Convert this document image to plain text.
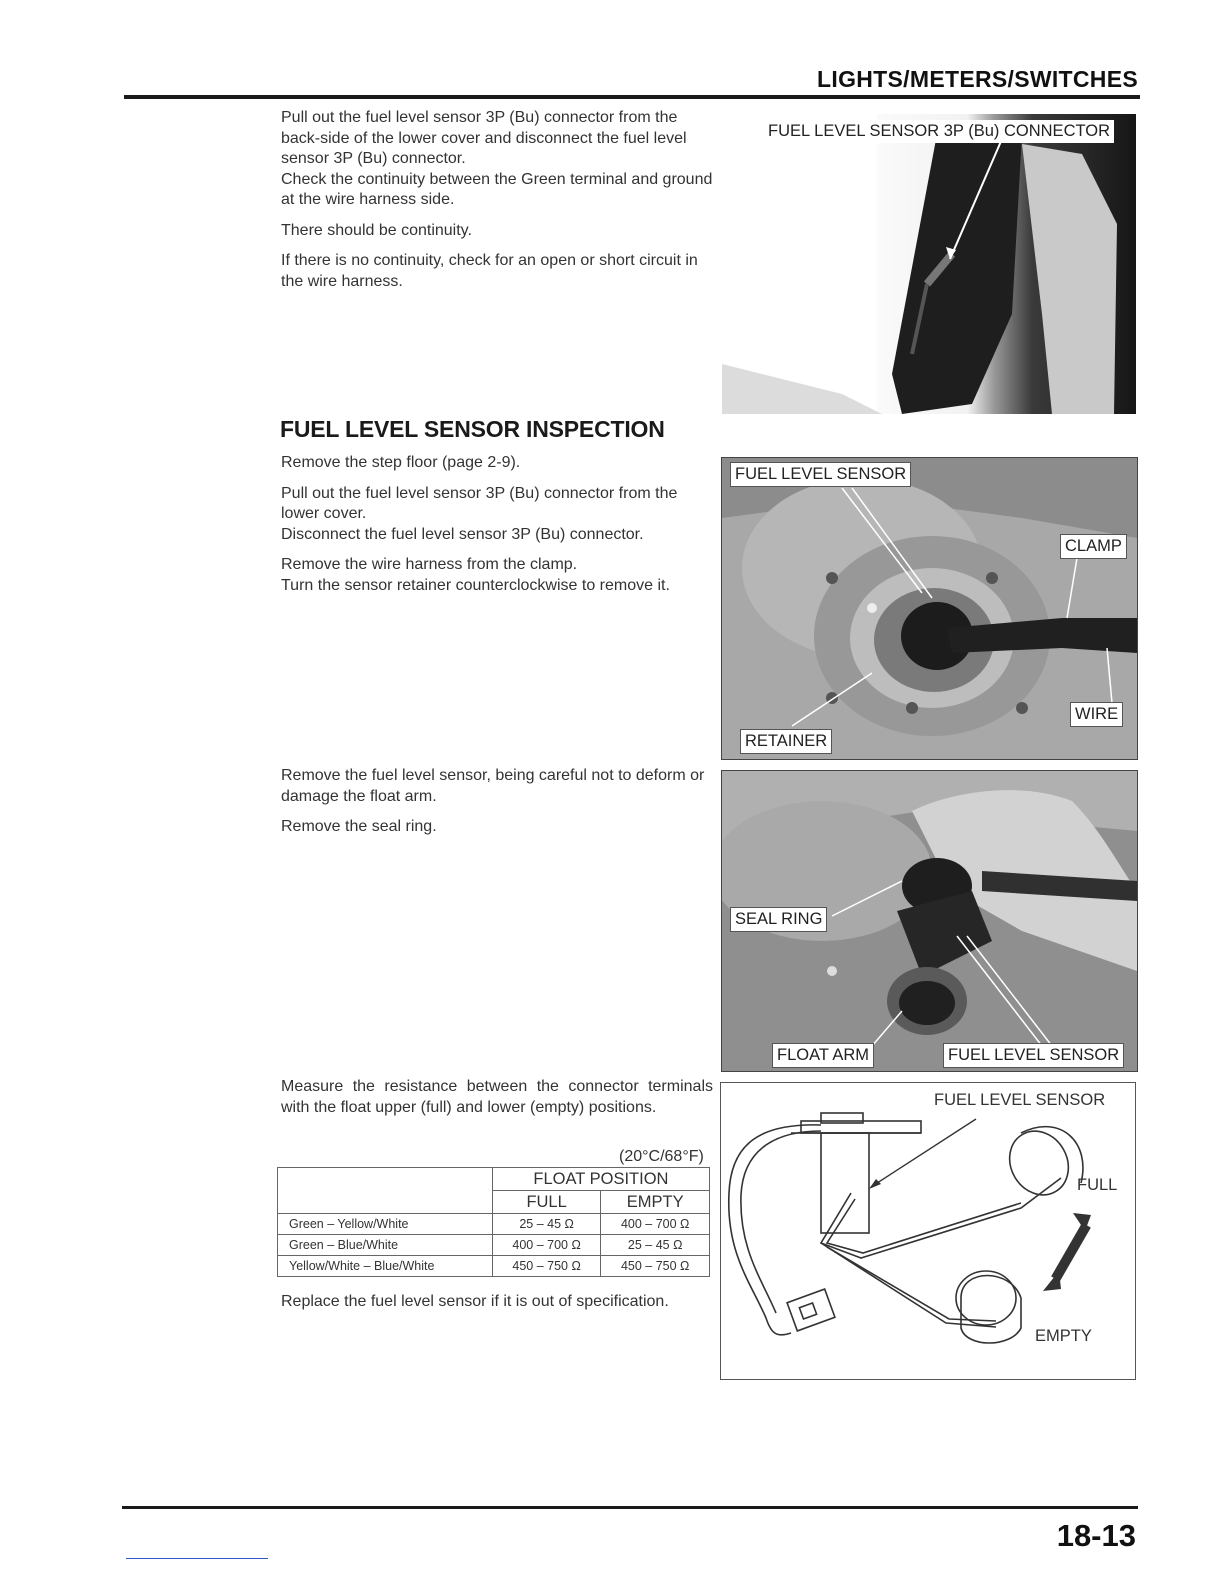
LIGHTS/METERS/SWITCHES

Pull out the fuel level sensor 3P (Bu) connector from the back-side of the lower cover and disconnect the fuel level sensor 3P (Bu) connector.

Check the continuity between the Green terminal and ground at the wire harness side.

There should be continuity.

If there is no continuity, check for an open or short circuit in the wire harness.

FUEL LEVEL SENSOR 3P (Bu) CONNECTOR
FUEL LEVEL SENSOR INSPECTION

Remove the step floor (page 2-9).

Pull out the fuel level sensor 3P (Bu) connector from the lower cover.

Disconnect the fuel level sensor 3P (Bu) connector.

Remove the wire harness from the clamp.

Turn the sensor retainer counterclockwise to remove it.

FUEL LEVEL SENSOR
CLAMP
WIRE
RETAINER

Remove the fuel level sensor, being careful not to deform or damage the float arm.

Remove the seal ring.

SEAL RING
FLOAT ARM	FUEL LEVEL SENSOR

Measure the resistance between the connector terminals with the float upper (full) and lower (empty) positions.

(20°C/68°F)
	FLOAT POSITION	
	FULL	EMPTY
Green – Yellow/White	25 – 45 Ω	400 – 700 Ω
Green – Blue/White	400 – 700 Ω	25 – 45 Ω
Yellow/White – Blue/White	450 – 750 Ω	450 – 750 Ω

Replace the fuel level sensor if it is out of specification.

FUEL LEVEL SENSOR
FULL
EMPTY
18-13
